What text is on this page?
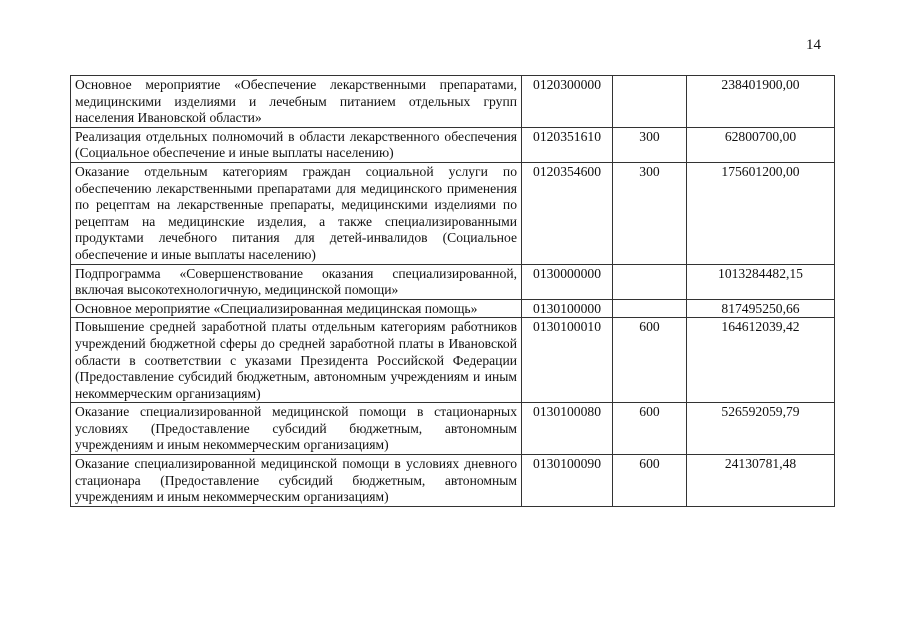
14
Основное мероприятие «Обеспечение лекарственными препаратами, медицинскими изделиями и лечебным питанием отдельных групп населения Ивановской области»	0120300000		238401900,00
Реализация отдельных полномочий в области лекарственного обеспечения (Социальное обеспечение и иные выплаты населению)	0120351610	300	62800700,00
Оказание отдельным категориям граждан социальной услуги по обеспечению лекарственными препаратами для медицинского применения по рецептам на лекарственные препараты, медицинскими изделиями по рецептам на медицинские изделия, а также специализированными продуктами лечебного питания для детей-инвалидов (Социальное обеспечение и иные выплаты населению)	0120354600	300	175601200,00
Подпрограмма «Совершенствование оказания специализированной, включая высокотехнологичную, медицинской помощи»	0130000000		1013284482,15
Основное мероприятие «Специализированная медицинская помощь»	0130100000		817495250,66
Повышение средней заработной платы отдельным категориям работников учреждений бюджетной сферы до средней заработной платы в Ивановской области в соответствии с указами Президента Российской Федерации (Предоставление субсидий бюджетным, автономным учреждениям и иным некоммерческим организациям)	0130100010	600	164612039,42
Оказание специализированной медицинской помощи в стационарных условиях (Предоставление субсидий бюджетным, автономным учреждениям и иным некоммерческим организациям)	0130100080	600	526592059,79
Оказание специализированной медицинской помощи в условиях дневного стационара (Предоставление субсидий бюджетным, автономным учреждениям и иным некоммерческим организациям)	0130100090	600	24130781,48
